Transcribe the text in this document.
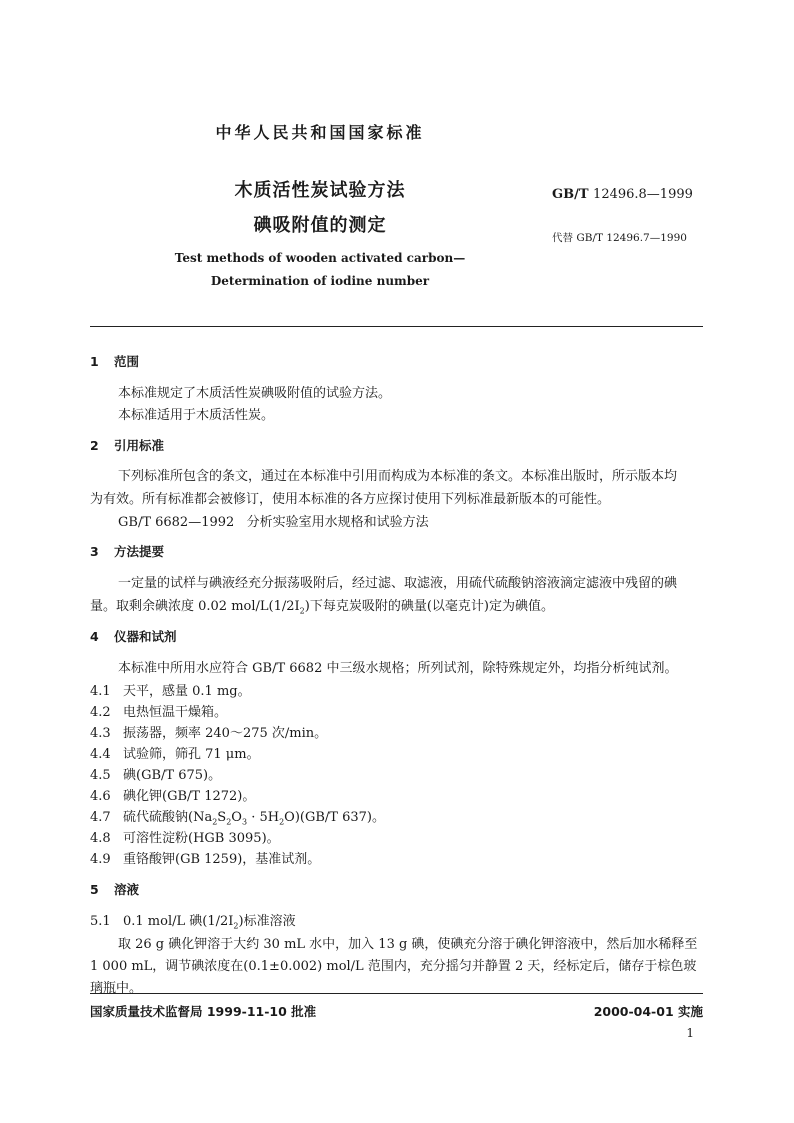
中华人民共和国国家标准
木质活性炭试验方法
碘吸附值的测定
GB/T 12496.8—1999
代替 GB/T 12496.7—1990
Test methods of wooden activated carbon—
Determination of iodine number
1 范围
本标准规定了木质活性炭碘吸附值的试验方法。
本标准适用于木质活性炭。
2 引用标准
下列标准所包含的条文，通过在本标准中引用而构成为本标准的条文。本标准出版时，所示版本均
为有效。所有标准都会被修订，使用本标准的各方应探讨使用下列标准最新版本的可能性。
GB/T 6682—1992   分析实验室用水规格和试验方法
3 方法提要
一定量的试样与碘液经充分振荡吸附后，经过滤、取滤液，用硫代硫酸钠溶液滴定滤液中残留的碘
量。取剩余碘浓度 0.02 mol/$L(1/2I_2)$下每克炭吸附的碘量(以毫克计)定为碘值。
4 仪器和试剂
本标准中所用水应符合 GB/T 6682 中三级水规格；所列试剂，除特殊规定外，均指分析纯试剂。
4.1 天平，感量 0.1 mg。
4.2 电热恒温干燥箱。
4.3 振荡器，频率 240～275 次/min。
4.4 试验筛，筛孔 71 μm。
4.5 碘(GB/T 675)。
4.6 碘化钾(GB/T 1272)。
4.7 硫代硫酸钠$(Na_2S_2O_3 \cdot 5H_2O)(GB/T$ 637)。
4.8 可溶性淀粉(HGB 3095)。
4.9 重铬酸钾(GB 1259)，基准试剂。
5 溶液
5.1 0.1 mol/L 碘$(1/2I_2)$标准溶液
取 26 g 碘化钾溶于大约 30 mL 水中，加入 13 g 碘，使碘充分溶于碘化钾溶液中，然后加水稀释至
1 000 mL，调节碘浓度在(0.1±0.002) mol/L 范围内，充分摇匀并静置 2 天，经标定后，储存于棕色玻
璃瓶中。
国家质量技术监督局 1999-11-10 批准	2000-04-01 实施
1
